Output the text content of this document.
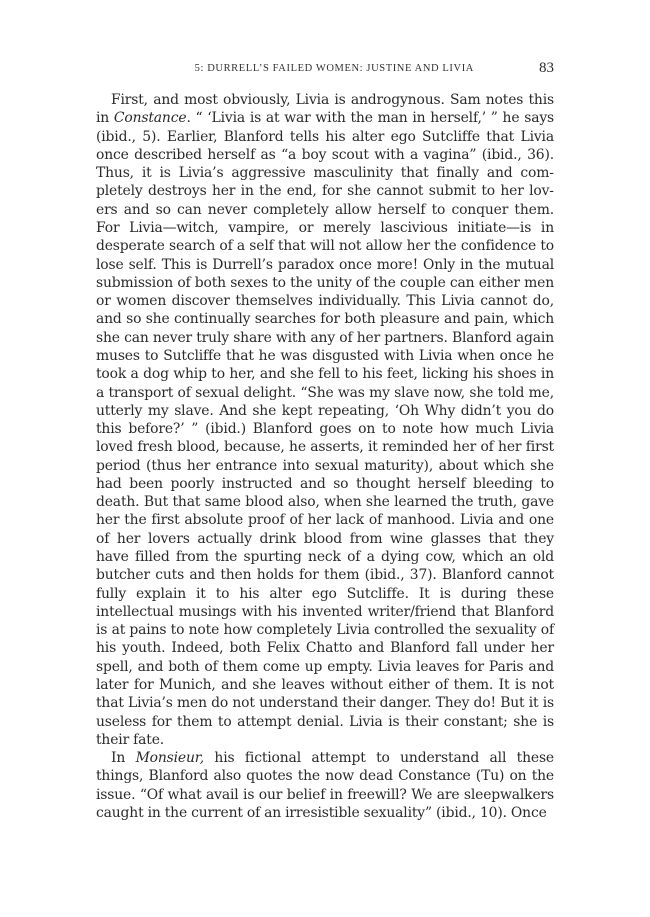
5: DURRELL’S FAILED WOMEN: JUSTINE AND LIVIA	83

First, and most obviously, Livia is androgynous. Sam notes this in Constance. “ ‘Livia is at war with the man in herself,’ ” he says (ibid., 5). Earlier, Blanford tells his alter ego Sutcliffe that Livia once described herself as “a boy scout with a vagina” (ibid., 36). Thus, it is Livia’s aggressive masculinity that finally and completely destroys her in the end, for she cannot submit to her lovers and so can never completely allow herself to conquer them. For Livia—witch, vampire, or merely lascivious initiate—is in desperate search of a self that will not allow her the confidence to lose self. This is Durrell’s paradox once more! Only in the mutual submission of both sexes to the unity of the couple can either men or women discover themselves individually. This Livia cannot do, and so she continually searches for both pleasure and pain, which she can never truly share with any of her partners. Blanford again muses to Sutcliffe that he was disgusted with Livia when once he took a dog whip to her, and she fell to his feet, licking his shoes in a transport of sexual delight. “She was my slave now, she told me, utterly my slave. And she kept repeating, ‘Oh Why didn’t you do this before?’ ” (ibid.) Blanford goes on to note how much Livia loved fresh blood, because, he asserts, it reminded her of her first period (thus her entrance into sexual maturity), about which she had been poorly instructed and so thought herself bleeding to death. But that same blood also, when she learned the truth, gave her the first absolute proof of her lack of manhood. Livia and one of her lovers actually drink blood from wine glasses that they have filled from the spurting neck of a dying cow, which an old butcher cuts and then holds for them (ibid., 37). Blanford cannot fully explain it to his alter ego Sutcliffe. It is during these intellectual musings with his invented writer/friend that Blanford is at pains to note how completely Livia controlled the sexuality of his youth. Indeed, both Felix Chatto and Blanford fall under her spell, and both of them come up empty. Livia leaves for Paris and later for Munich, and she leaves without either of them. It is not that Livia’s men do not understand their danger. They do! But it is useless for them to attempt denial. Livia is their constant; she is their fate.

In Monsieur, his fictional attempt to understand all these things, Blanford also quotes the now dead Constance (Tu) on the issue. “Of what avail is our belief in freewill? We are sleepwalkers caught in the current of an irresistible sexuality” (ibid., 10). Once
